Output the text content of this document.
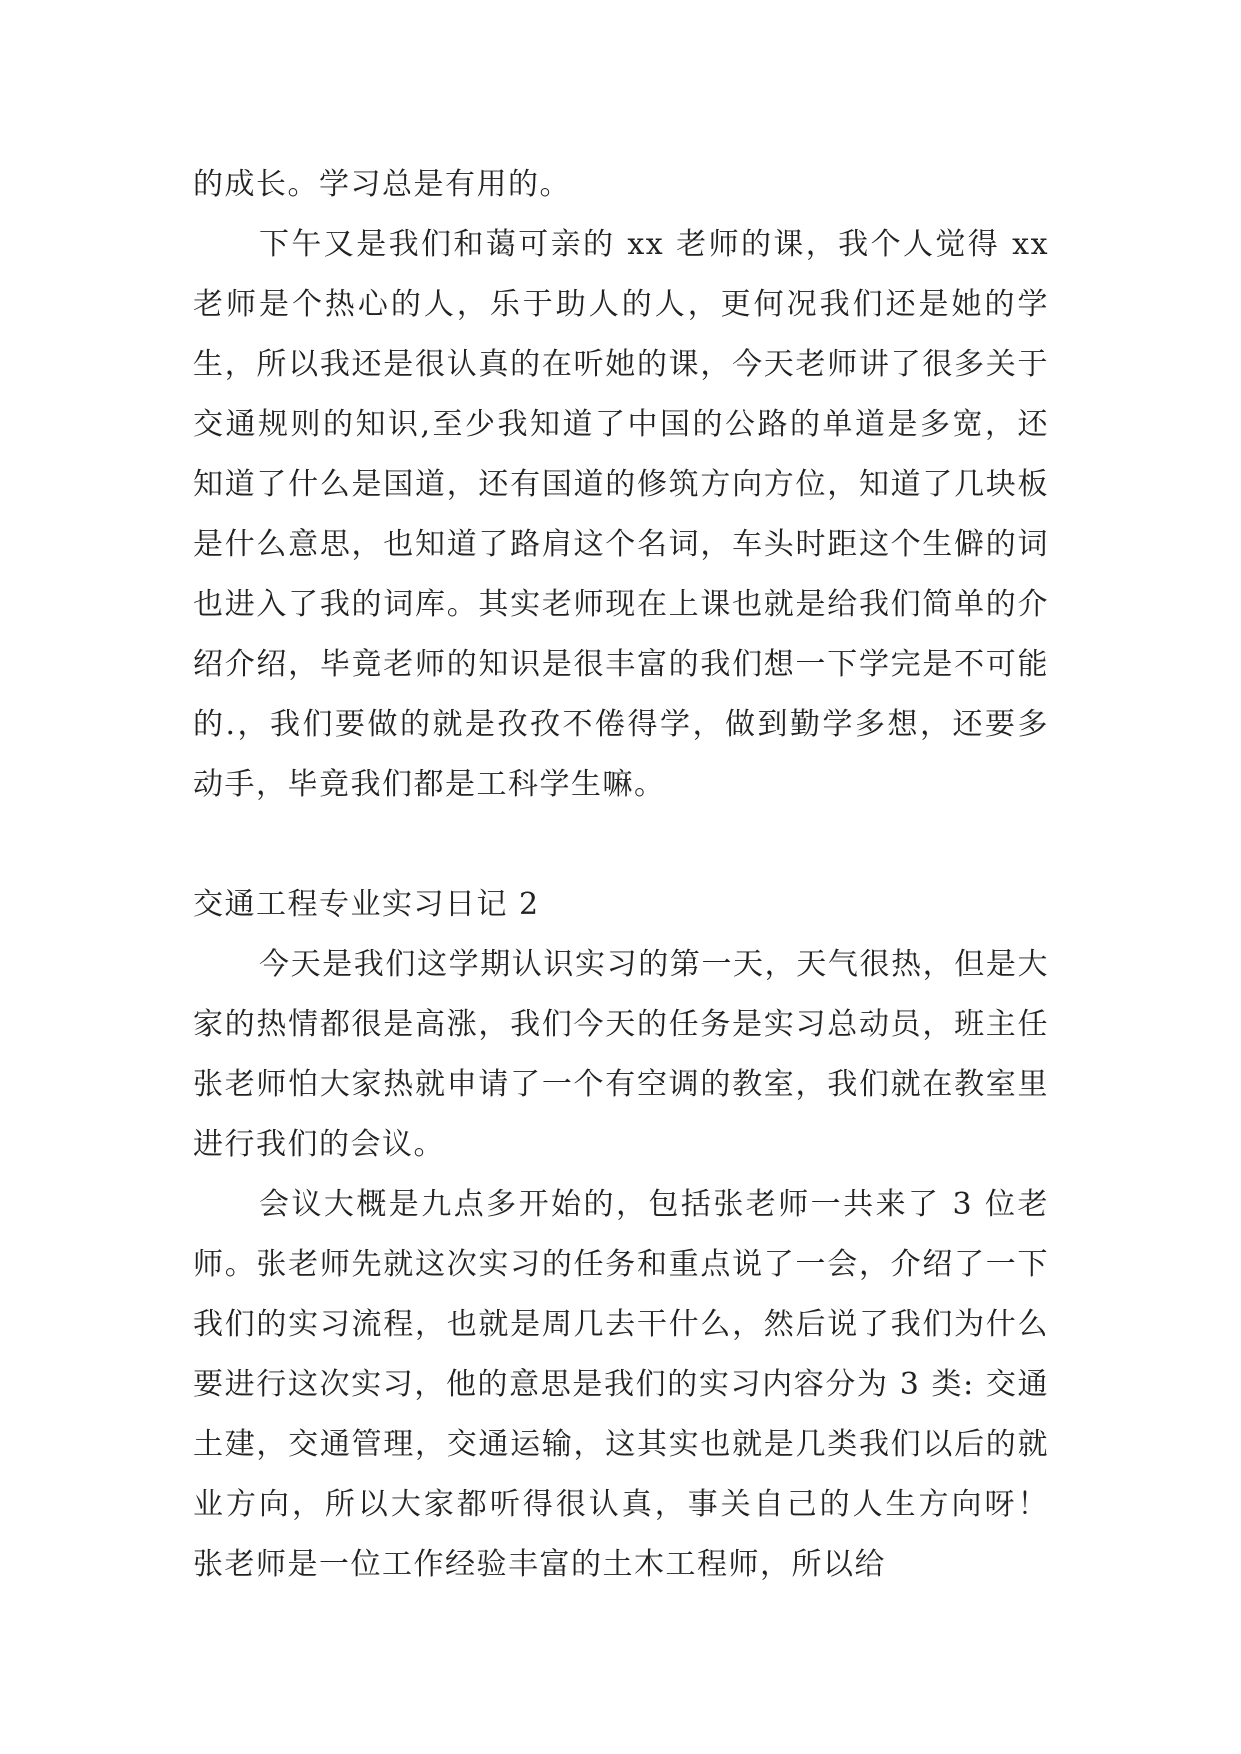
的成长。学习总是有用的。

下午又是我们和蔼可亲的 xx 老师的课，我个人觉得 xx 老师是个热心的人，乐于助人的人，更何况我们还是她的学生，所以我还是很认真的在听她的课，今天老师讲了很多关于交通规则的知识,至少我知道了中国的公路的单道是多宽，还知道了什么是国道，还有国道的修筑方向方位，知道了几块板是什么意思，也知道了路肩这个名词，车头时距这个生僻的词也进入了我的词库。其实老师现在上课也就是给我们简单的介绍介绍，毕竟老师的知识是很丰富的我们想一下学完是不可能的.，我们要做的就是孜孜不倦得学，做到勤学多想，还要多动手，毕竟我们都是工科学生嘛。

交通工程专业实习日记 2

今天是我们这学期认识实习的第一天，天气很热，但是大家的热情都很是高涨，我们今天的任务是实习总动员，班主任张老师怕大家热就申请了一个有空调的教室，我们就在教室里进行我们的会议。

会议大概是九点多开始的，包括张老师一共来了 3 位老师。张老师先就这次实习的任务和重点说了一会，介绍了一下我们的实习流程，也就是周几去干什么，然后说了我们为什么要进行这次实习，他的意思是我们的实习内容分为 3 类: 交通土建，交通管理，交通运输，这其实也就是几类我们以后的就业方向，所以大家都听得很认真，事关自己的人生方向呀！　 张老师是一位工作经验丰富的土木工程师，所以给
